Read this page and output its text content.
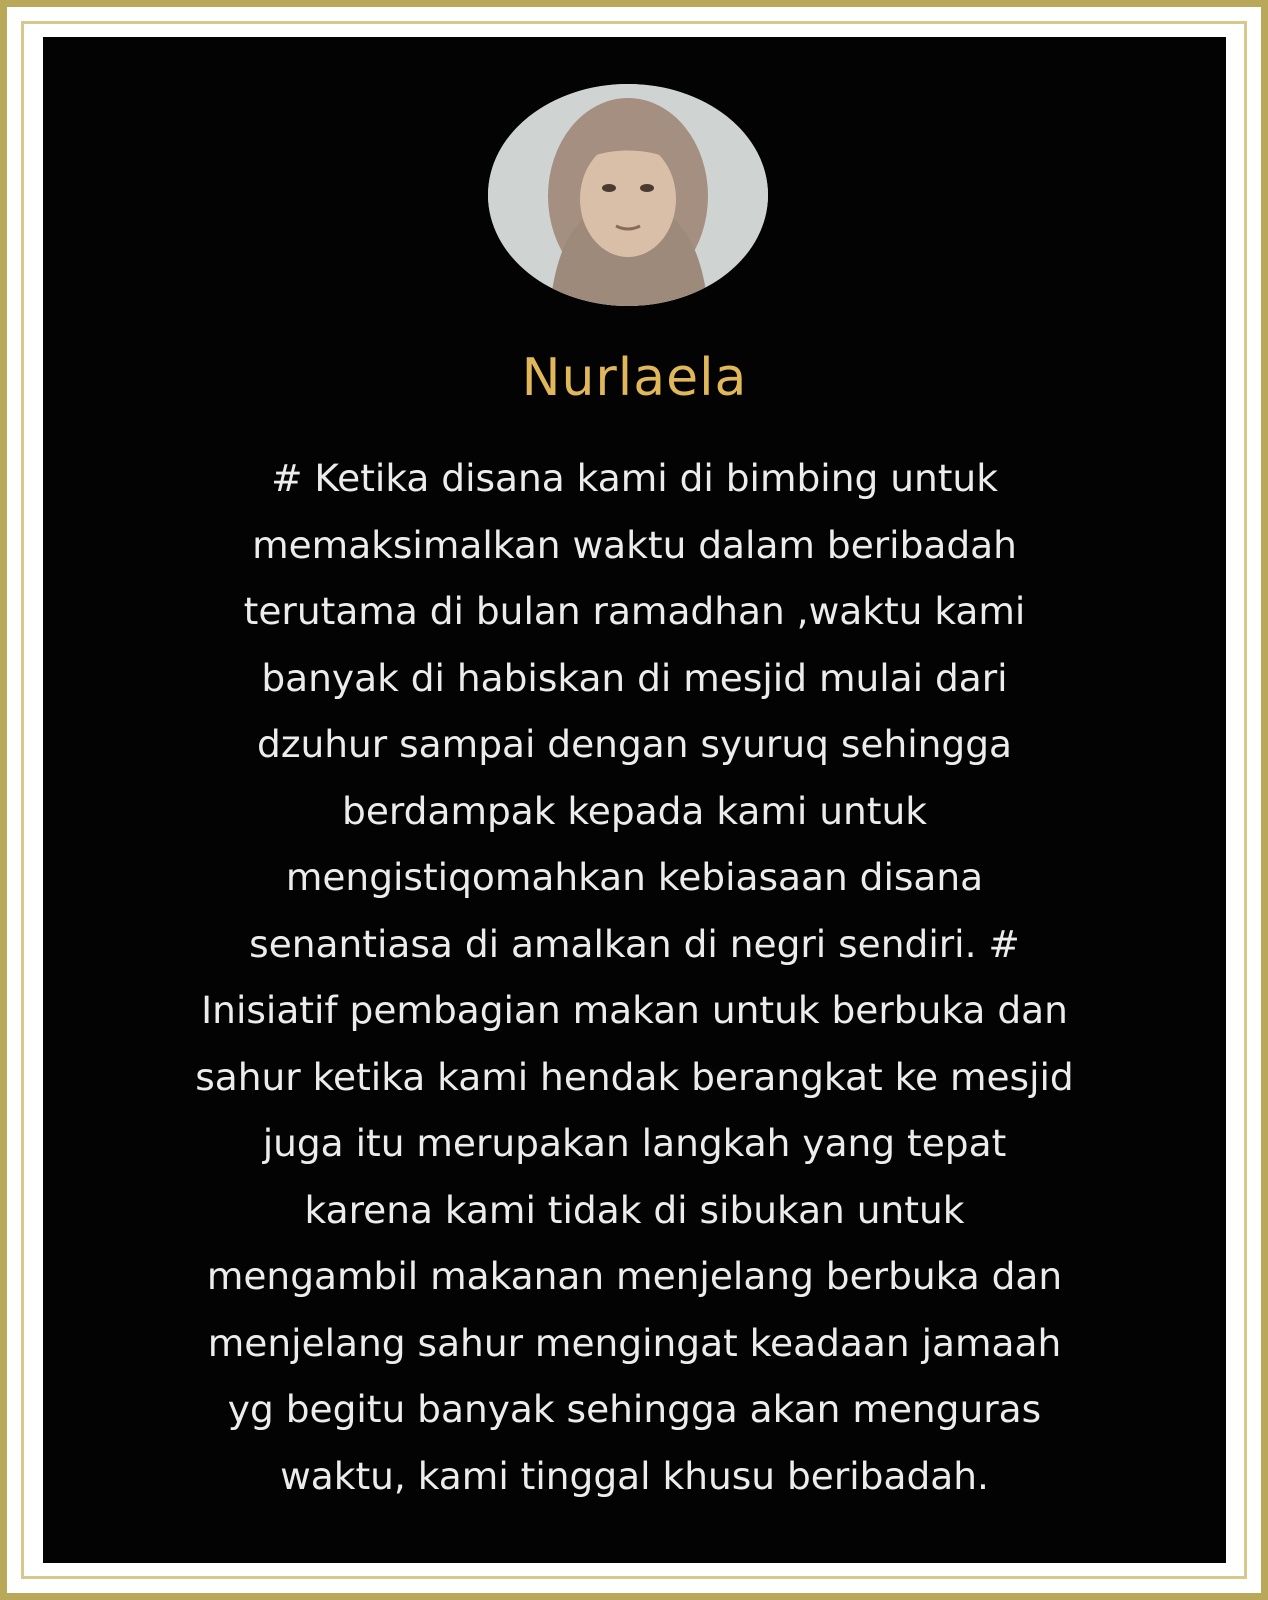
Nurlaela
# Ketika disana kami di bimbing untuk
memaksimalkan waktu dalam beribadah
terutama di bulan ramadhan ,waktu kami
banyak di habiskan di mesjid mulai dari
dzuhur sampai dengan syuruq sehingga
berdampak kepada kami untuk
mengistiqomahkan kebiasaan disana
senantiasa di amalkan di negri sendiri. #
Inisiatif pembagian makan untuk berbuka dan
sahur ketika kami hendak berangkat ke mesjid
juga itu merupakan langkah yang tepat
karena kami tidak di sibukan untuk
mengambil makanan menjelang berbuka dan
menjelang sahur mengingat keadaan jamaah
yg begitu banyak sehingga akan menguras
waktu, kami tinggal khusu beribadah.
